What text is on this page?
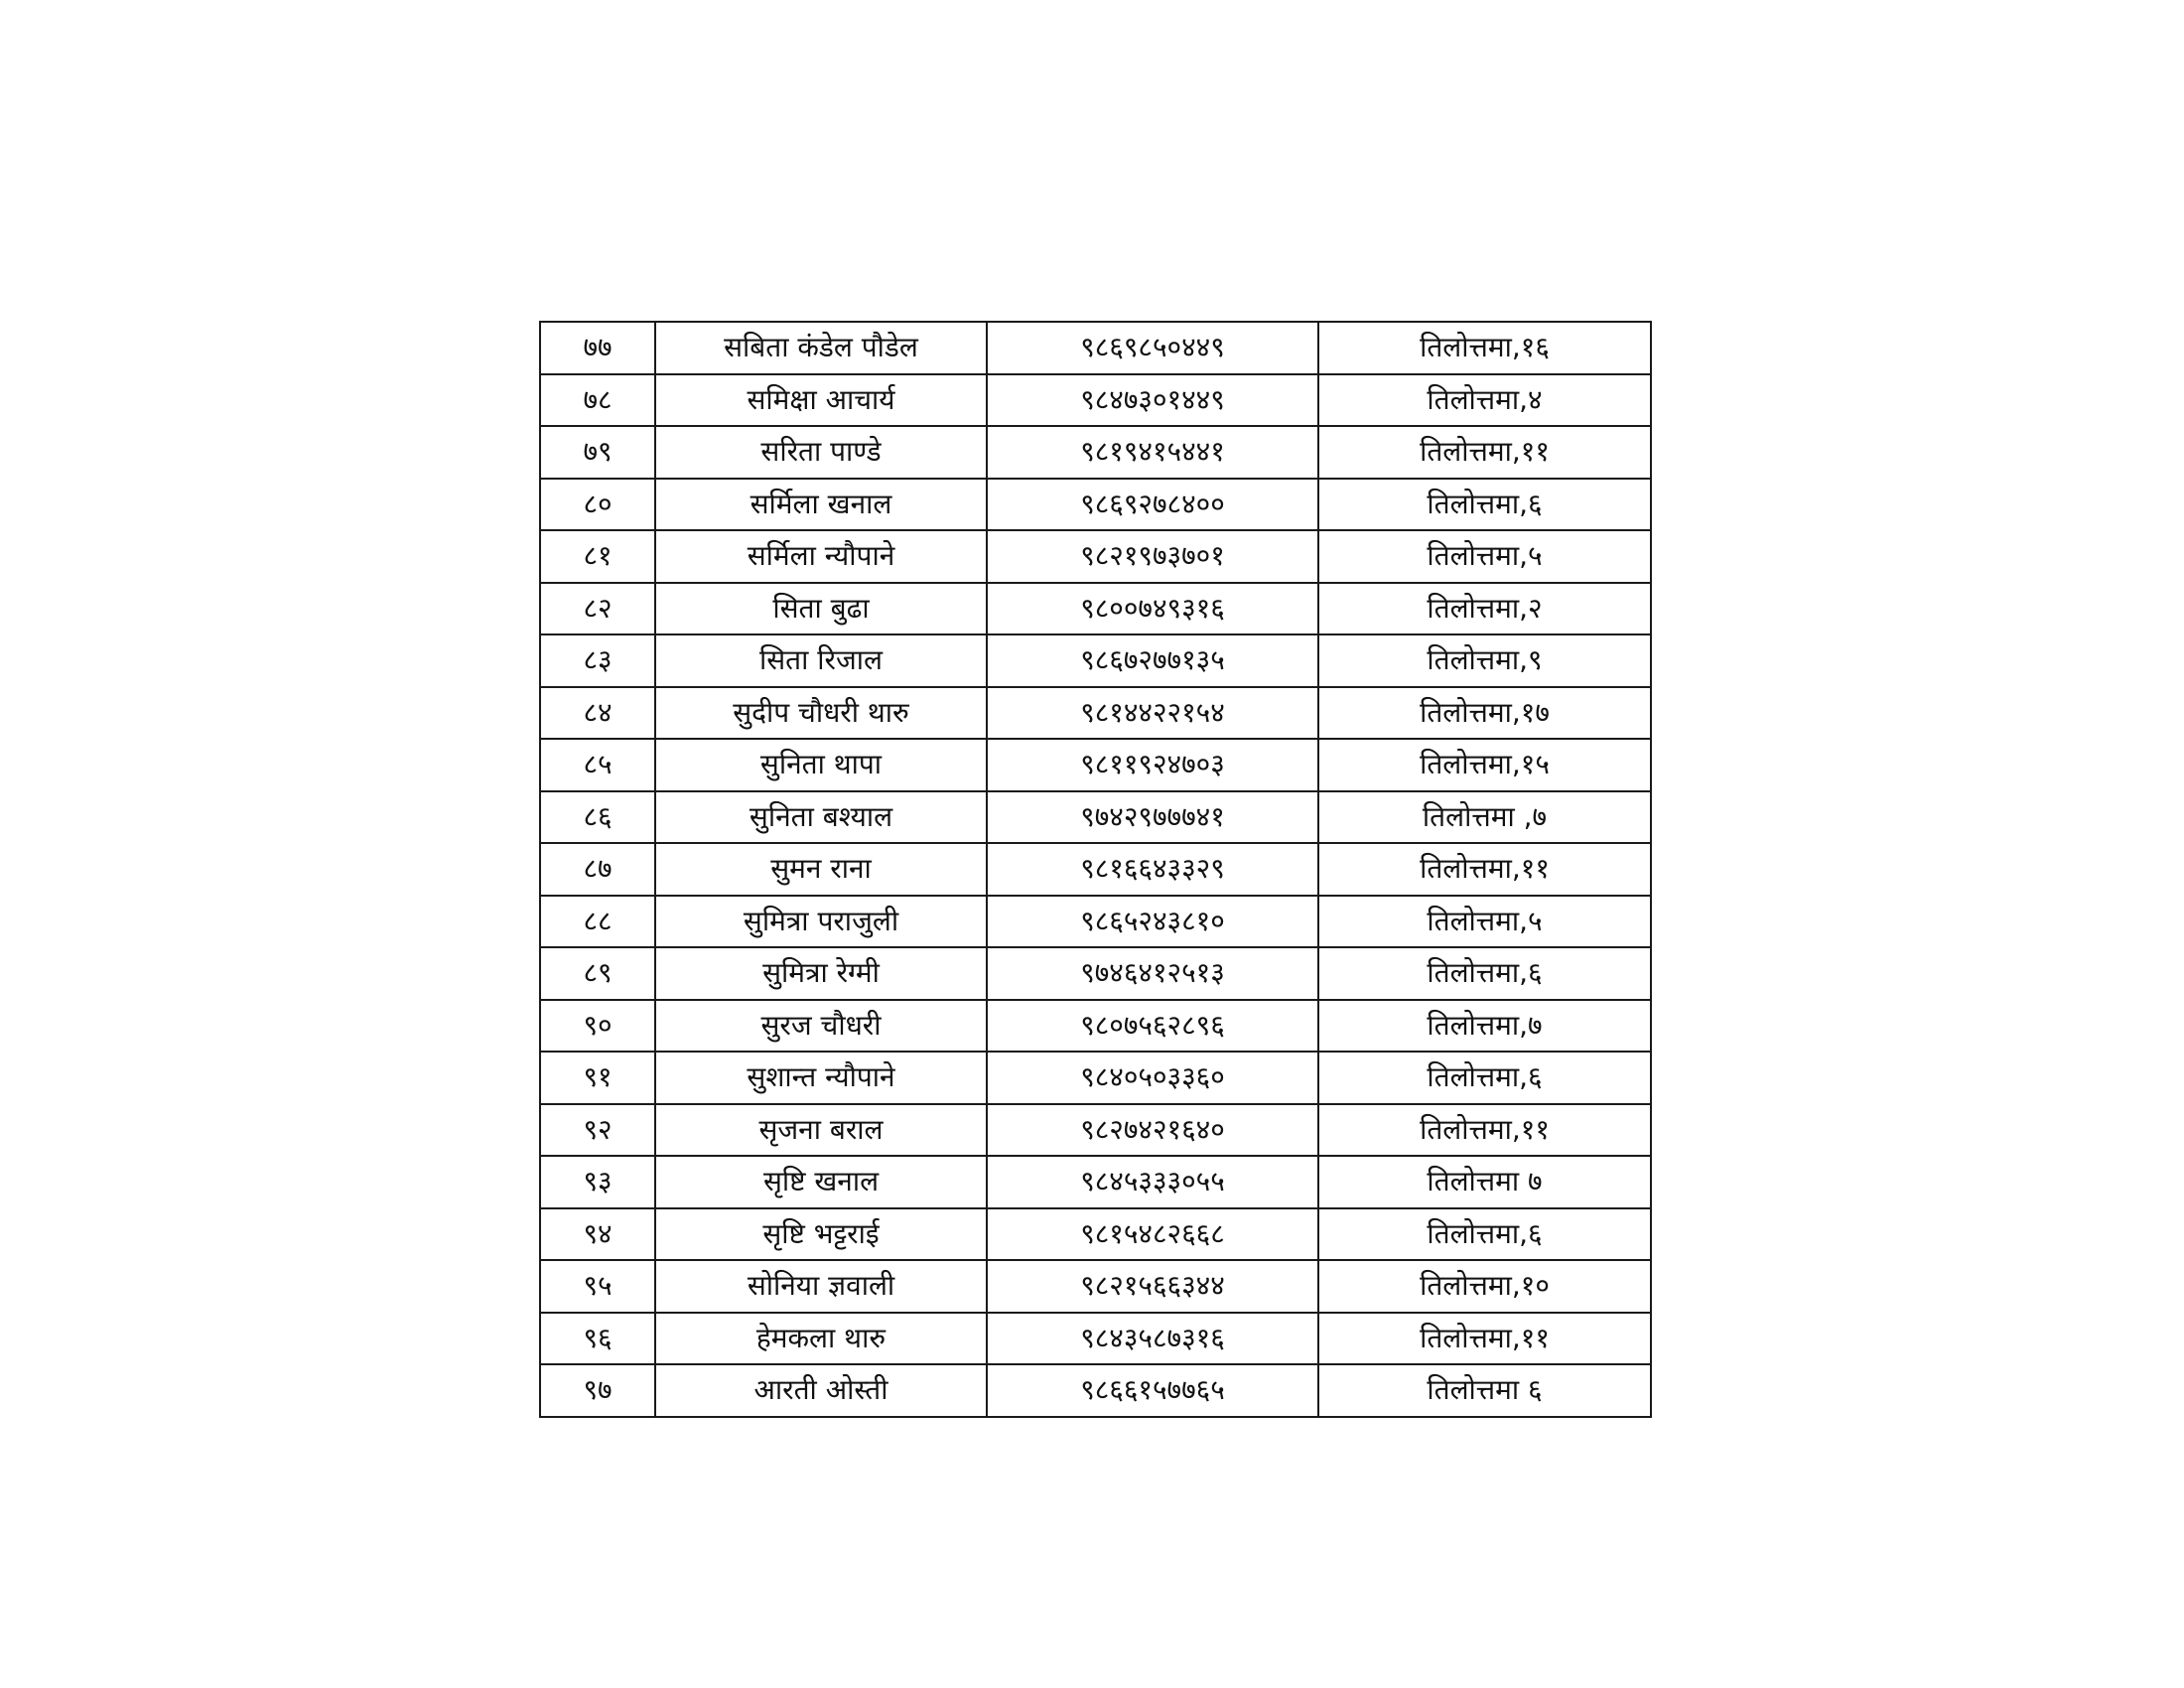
७७	सबिता कंडेल पौडेल	९८६९८५०४४९	तिलोत्तमा,१६
७८	समिक्षा आचार्य	९८४७३०१४४९	तिलोत्तमा,४
७९	सरिता पाण्डे	९८१९४१५४४१	तिलोत्तमा,११
८०	सर्मिला खनाल	९८६९२७८४००	तिलोत्तमा,६
८१	सर्मिला न्यौपाने	९८२१९७३७०१	तिलोत्तमा,५
८२	सिता बुढा	९८००७४९३१६	तिलोत्तमा,२
८३	सिता रिजाल	९८६७२७७१३५	तिलोत्तमा,९
८४	सुदीप चौधरी थारु	९८१४४२२१५४	तिलोत्तमा,१७
८५	सुनिता थापा	९८११९२४७०३	तिलोत्तमा,१५
८६	सुनिता बश्याल	९७४२९७७७४१	तिलोत्तमा ,७
८७	सुमन राना	९८१६६४३३२९	तिलोत्तमा,११
८८	सुमित्रा पराजुली	९८६५२४३८१०	तिलोत्तमा,५
८९	सुमित्रा रेग्मी	९७४६४१२५१३	तिलोत्तमा,६
९०	सुरज चौधरी	९८०७५६२८९६	तिलोत्तमा,७
९१	सुशान्त न्यौपाने	९८४०५०३३६०	तिलोत्तमा,६
९२	सृजना बराल	९८२७४२१६४०	तिलोत्तमा,११
९३	सृष्टि खनाल	९८४५३३३०५५	तिलोत्तमा ७
९४	सृष्टि भट्टराई	९८१५४८२६६८	तिलोत्तमा,६
९५	सोनिया ज्ञवाली	९८२१५६६३४४	तिलोत्तमा,१०
९६	हेमकला थारु	९८४३५८७३१६	तिलोत्तमा,११
९७	आरती ओस्ती	९८६६१५७७६५	तिलोत्तमा ६
